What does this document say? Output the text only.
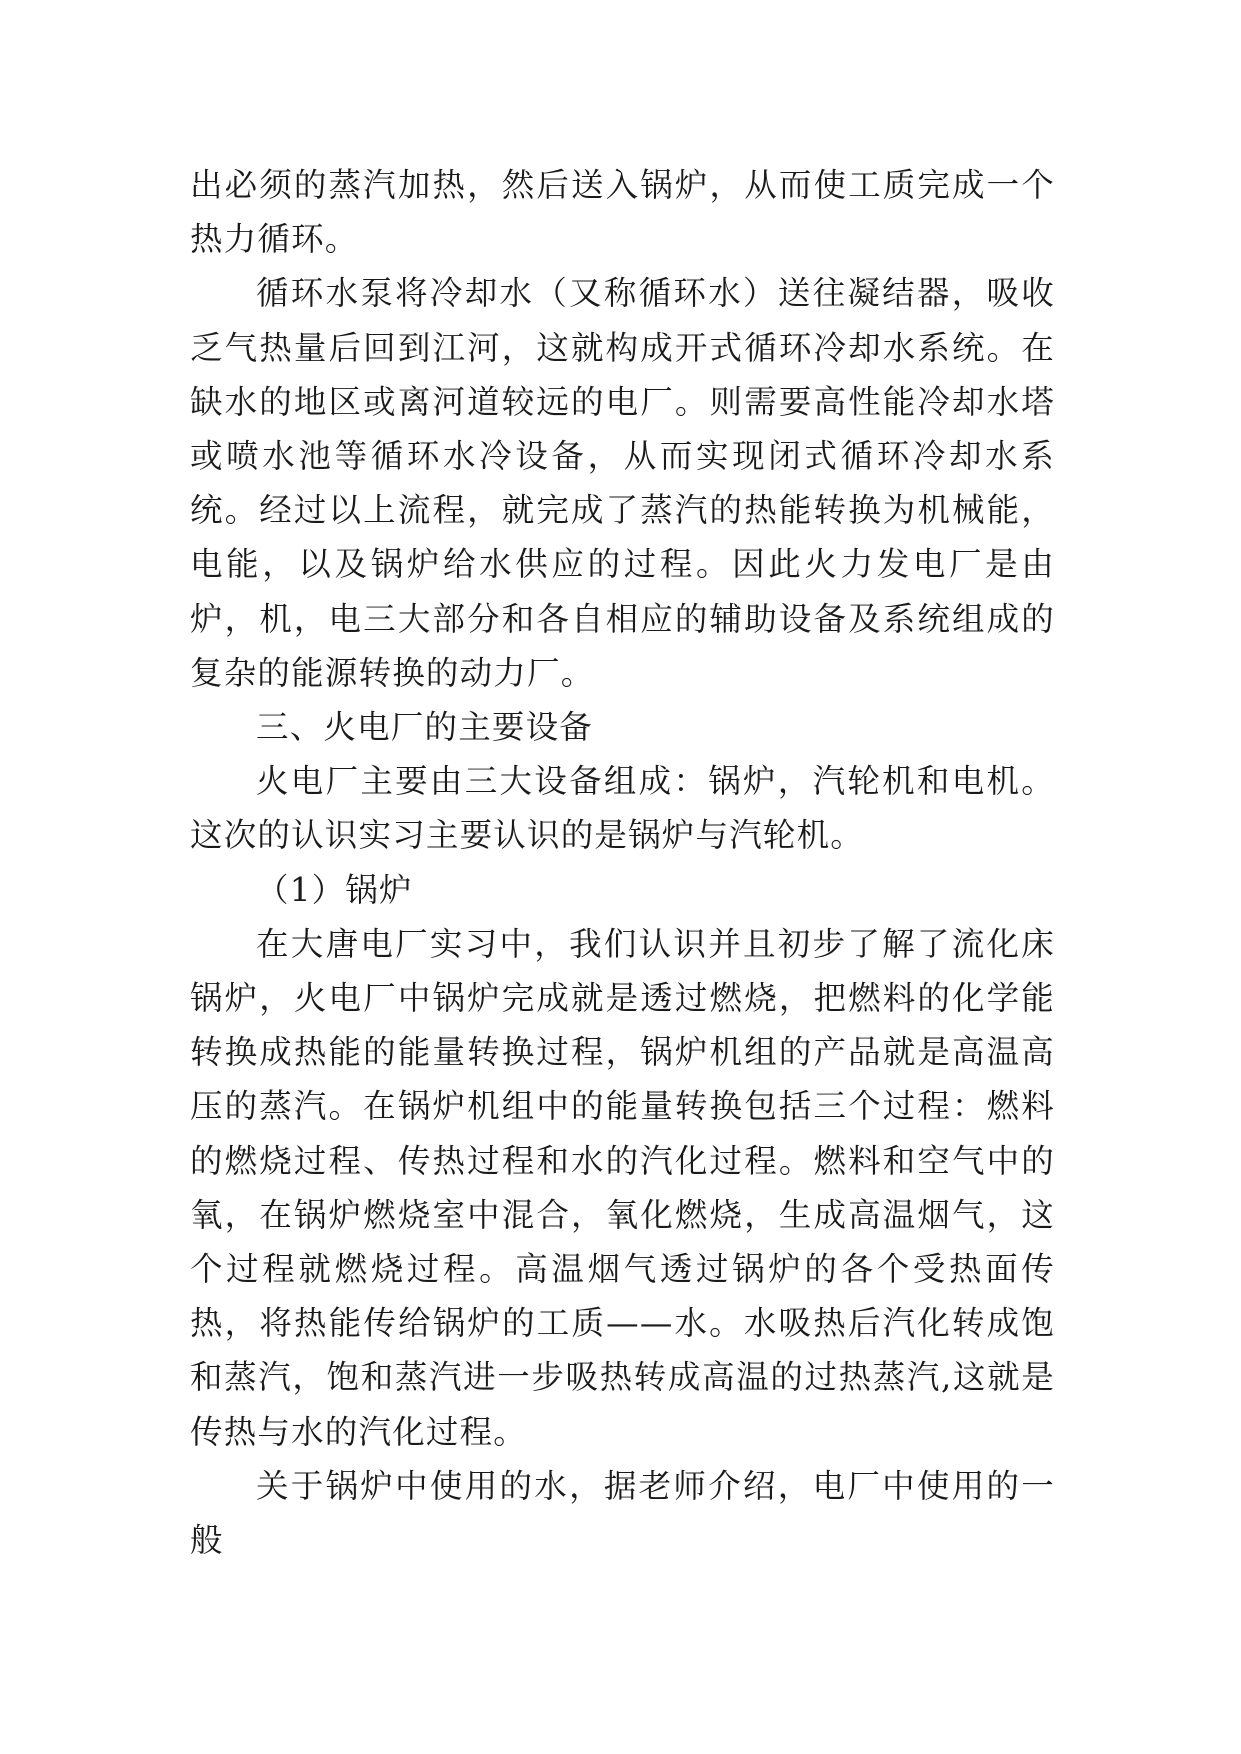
出必须的蒸汽加热，然后送入锅炉，从而使工质完成一个热力循环。

循环水泵将冷却水（又称循环水）送往凝结器，吸收乏气热量后回到江河，这就构成开式循环冷却水系统。在缺水的地区或离河道较远的电厂。则需要高性能冷却水塔或喷水池等循环水冷设备，从而实现闭式循环冷却水系统。经过以上流程，就完成了蒸汽的热能转换为机械能，电能，以及锅炉给水供应的过程。因此火力发电厂是由炉，机，电三大部分和各自相应的辅助设备及系统组成的复杂的能源转换的动力厂。

三、火电厂的主要设备

火电厂主要由三大设备组成：锅炉，汽轮机和电机。这次的认识实习主要认识的是锅炉与汽轮机。

（1）锅炉

在大唐电厂实习中，我们认识并且初步了解了流化床锅炉，火电厂中锅炉完成就是透过燃烧，把燃料的化学能转换成热能的能量转换过程，锅炉机组的产品就是高温高压的蒸汽。在锅炉机组中的能量转换包括三个过程：燃料的燃烧过程、传热过程和水的汽化过程。燃料和空气中的氧，在锅炉燃烧室中混合，氧化燃烧，生成高温烟气，这个过程就燃烧过程。高温烟气透过锅炉的各个受热面传热，将热能传给锅炉的工质——水。水吸热后汽化转成饱和蒸汽，饱和蒸汽进一步吸热转成高温的过热蒸汽,这就是传热与水的汽化过程。

关于锅炉中使用的水，据老师介绍，电厂中使用的一般
